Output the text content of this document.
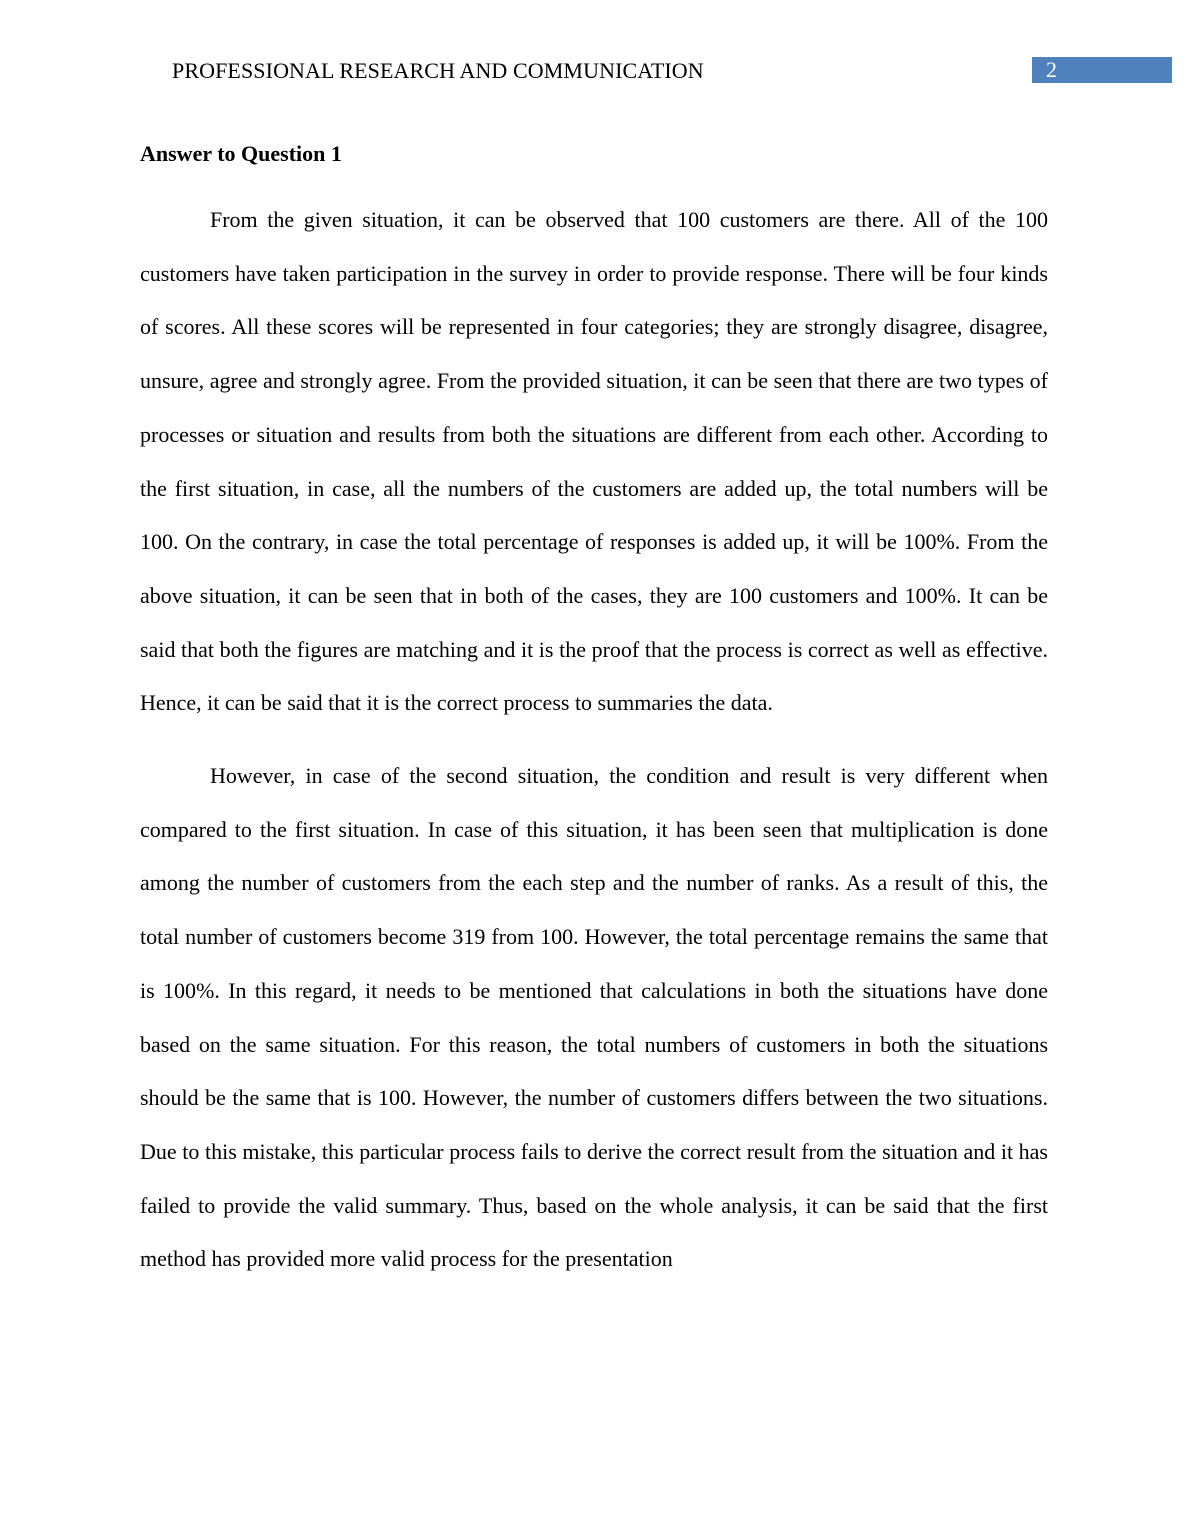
PROFESSIONAL RESEARCH AND COMMUNICATION	2
Answer to Question 1

From the given situation, it can be observed that 100 customers are there. All of the 100 customers have taken participation in the survey in order to provide response. There will be four kinds of scores. All these scores will be represented in four categories; they are strongly disagree, disagree, unsure, agree and strongly agree. From the provided situation, it can be seen that there are two types of processes or situation and results from both the situations are different from each other. According to the first situation, in case, all the numbers of the customers are added up, the total numbers will be 100. On the contrary, in case the total percentage of responses is added up, it will be 100%. From the above situation, it can be seen that in both of the cases, they are 100 customers and 100%. It can be said that both the figures are matching and it is the proof that the process is correct as well as effective. Hence, it can be said that it is the correct process to summaries the data.

However, in case of the second situation, the condition and result is very different when compared to the first situation. In case of this situation, it has been seen that multiplication is done among the number of customers from the each step and the number of ranks. As a result of this, the total number of customers become 319 from 100. However, the total percentage remains the same that is 100%. In this regard, it needs to be mentioned that calculations in both the situations have done based on the same situation. For this reason, the total numbers of customers in both the situations should be the same that is 100. However, the number of customers differs between the two situations. Due to this mistake, this particular process fails to derive the correct result from the situation and it has failed to provide the valid summary. Thus, based on the whole analysis, it can be said that the first method has provided more valid process for the presentation
